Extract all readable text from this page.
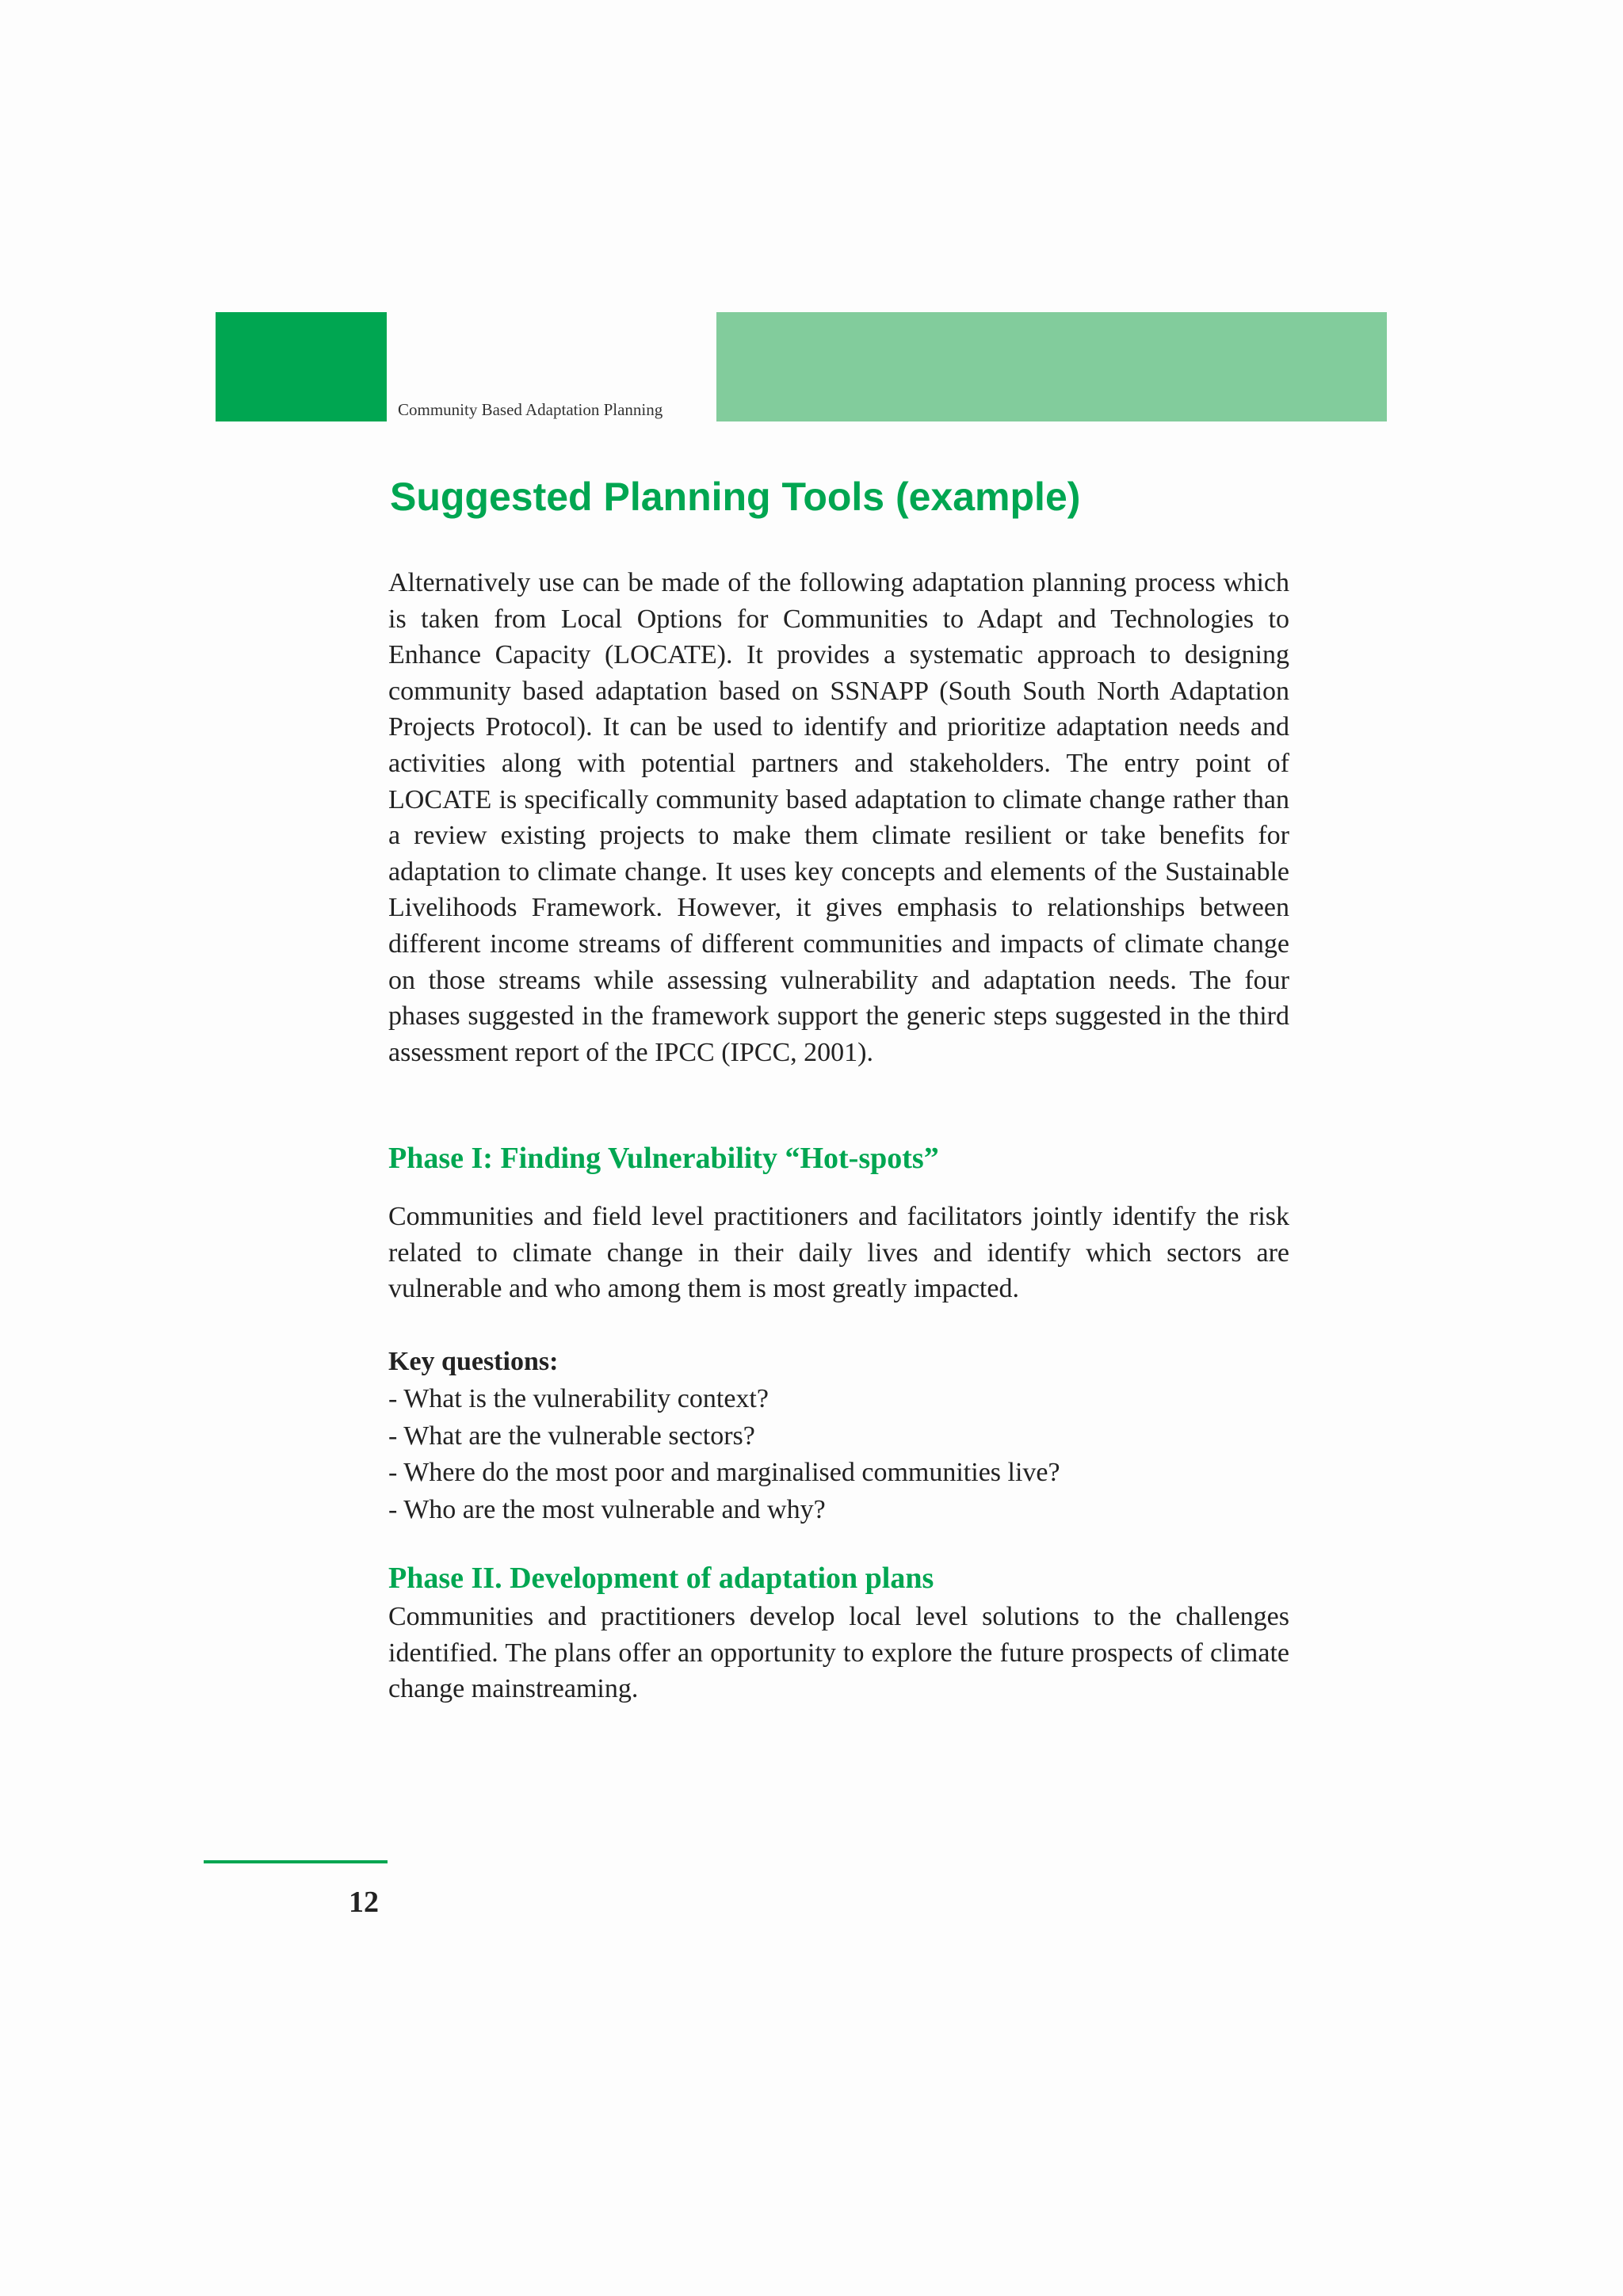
Community Based Adaptation Planning
Suggested Planning Tools (example)

Alternatively use can be made of the following adaptation planning process which is taken from Local Options for Communities to Adapt and Technologies to Enhance Capacity (LOCATE). It provides a systematic approach to designing community based adaptation based on SSNAPP (South South North Adaptation Projects Protocol). It can be used to identify and prioritize adaptation needs and activities along with potential partners and stakeholders. The entry point of LOCATE is specifically community based adaptation to climate change rather than a review existing projects to make them climate resilient or take benefits for adaptation to climate change. It uses key concepts and elements of the Sustainable Livelihoods Framework. However, it gives emphasis to relationships between different income streams of different communities and impacts of climate change on those streams while assessing vulnerability and adaptation needs. The four phases suggested in the framework support the generic steps suggested in the third assessment report of the IPCC (IPCC, 2001).

Phase I: Finding Vulnerability “Hot-spots”

Communities and field level practitioners and facilitators jointly identify the risk related to climate change in their daily lives and identify which sectors are vulnerable and who among them is most greatly impacted.

Key questions:

- What is the vulnerability context?
- What are the vulnerable sectors?
- Where do the most poor and marginalised communities live?
- Who are the most vulnerable and why?
Phase II. Development of adaptation plans

Communities and practitioners develop local level solutions to the challenges identified. The plans offer an opportunity to explore the future prospects of climate change mainstreaming.

12
